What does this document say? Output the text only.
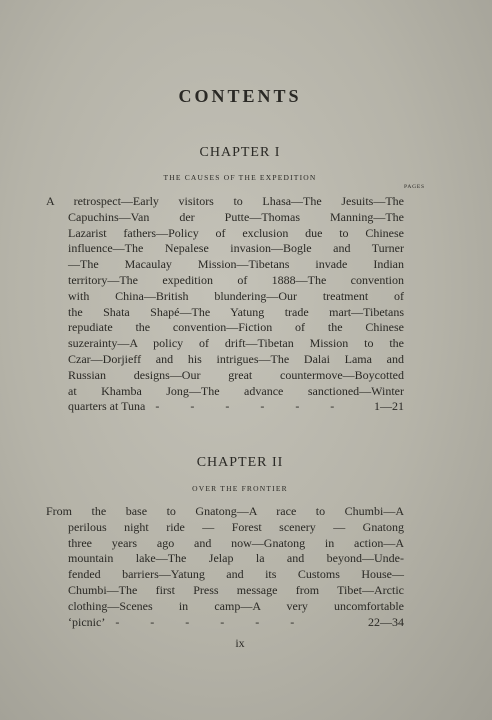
CONTENTS
CHAPTER I
THE CAUSES OF THE EXPEDITION
PAGES
A retrospect—Early visitors to Lhasa—The Jesuits—The
Capuchins—Van der Putte—Thomas Manning—The
Lazarist fathers—Policy of exclusion due to Chinese
influence—The Nepalese invasion—Bogle and Turner
—The Macaulay Mission—Tibetans invade Indian
territory—The expedition of 1888—The convention
with China—British blundering—Our treatment of
the Shata Shapé—The Yatung trade mart—Tibetans
repudiate the convention—Fiction of the Chinese
suzerainty—A policy of drift—Tibetan Mission to the
Czar—Dorjieff and his intrigues—The Dalai Lama and
Russian designs—Our great countermove—Boycotted
at Khamba Jong—The advance sanctioned—Winter
quarters at Tuna - - - - - -	1—21
CHAPTER II
OVER THE FRONTIER
From the base to Gnatong—A race to Chumbi—A
perilous night ride — Forest scenery — Gnatong
three years ago and now—Gnatong in action—A
mountain lake—The Jelap la and beyond—Unde-
fended barriers—Yatung and its Customs House—
Chumbi—The first Press message from Tibet—Arctic
clothing—Scenes in camp—A very uncomfortable
‘picnic’ - - - - - -	22—34
ix
